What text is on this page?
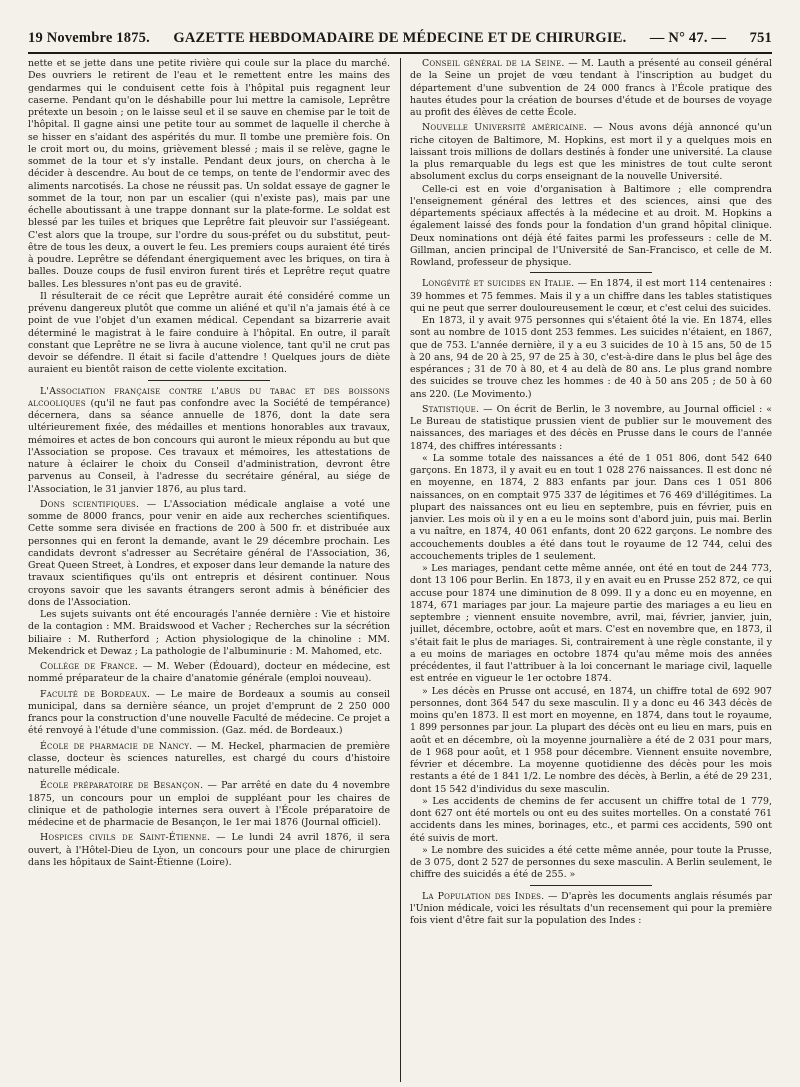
19 Novembre 1875. GAZETTE HEBDOMADAIRE DE MÉDECINE ET DE CHIRURGIE. — N° 47. — 751

nette et se jette dans une petite rivière qui coule sur la place du marché. Des ouvriers le retirent de l'eau et le remettent entre les mains des gendarmes qui le conduisent cette fois à l'hôpital puis regagnent leur caserne. Pendant qu'on le déshabille pour lui mettre la camisole, Leprêtre prétexte un besoin ; on le laisse seul et il se sauve en chemise par le toit de l'hôpital. Il gagne ainsi une petite tour au sommet de laquelle il cherche à se hisser en s'aidant des aspérités du mur. Il tombe une première fois. On le croit mort ou, du moins, grièvement blessé ; mais il se relève, gagne le sommet de la tour et s'y installe. Pendant deux jours, on chercha à le décider à descendre. Au bout de ce temps, on tente de l'endormir avec des aliments narcotisés. La chose ne réussit pas. Un soldat essaye de gagner le sommet de la tour, non par un escalier (qui n'existe pas), mais par une échelle aboutissant à une trappe donnant sur la plate-forme. Le soldat est blessé par les tuiles et briques que Leprêtre fait pleuvoir sur l'assiégeant. C'est alors que la troupe, sur l'ordre du sous-préfet ou du substitut, peut-être de tous les deux, a ouvert le feu. Les premiers coups auraient été tirés à poudre. Leprêtre se défendant énergiquement avec les briques, on tira à balles. Douze coups de fusil environ furent tirés et Leprêtre reçut quatre balles. Les blessures n'ont pas eu de gravité.

Il résulterait de ce récit que Leprêtre aurait été considéré comme un prévenu dangereux plutôt que comme un aliéné et qu'il n'a jamais été à ce point de vue l'objet d'un examen médical. Cependant sa bizarrerie avait déterminé le magistrat à le faire conduire à l'hôpital. En outre, il paraît constant que Leprêtre ne se livra à aucune violence, tant qu'il ne crut pas devoir se défendre. Il était si facile d'attendre ! Quelques jours de diète auraient eu bientôt raison de cette violente excitation.

L'Association française contre l'abus du tabac et des boissons alcooliques (qu'il ne faut pas confondre avec la Société de tempérance) décernera, dans sa séance annuelle de 1876, dont la date sera ultérieurement fixée, des médailles et mentions honorables aux travaux, mémoires et actes de bon concours qui auront le mieux répondu au but que l'Association se propose. Ces travaux et mémoires, les attestations de nature à éclairer le choix du Conseil d'administration, devront être parvenus au Conseil, à l'adresse du secrétaire général, au siége de l'Association, le 31 janvier 1876, au plus tard.

Dons scientifiques. — L'Association médicale anglaise a voté une somme de 8000 francs, pour venir en aide aux recherches scientifiques. Cette somme sera divisée en fractions de 200 à 500 fr. et distribuée aux personnes qui en feront la demande, avant le 29 décembre prochain. Les candidats devront s'adresser au Secrétaire général de l'Association, 36, Great Queen Street, à Londres, et exposer dans leur demande la nature des travaux scientifiques qu'ils ont entrepris et désirent continuer. Nous croyons savoir que les savants étrangers seront admis à bénéficier des dons de l'Association.

Les sujets suivants ont été encouragés l'année dernière : Vie et histoire de la contagion : MM. Braidswood et Vacher ; Recherches sur la sécrétion biliaire : M. Rutherford ; Action physiologique de la chinoline : MM. Mekendrick et Dewaz ; La pathologie de l'albuminurie : M. Mahomed, etc.

Collége de France. — M. Weber (Édouard), docteur en médecine, est nommé préparateur de la chaire d'anatomie générale (emploi nouveau).

Faculté de Bordeaux. — Le maire de Bordeaux a soumis au conseil municipal, dans sa dernière séance, un projet d'emprunt de 2 250 000 francs pour la construction d'une nouvelle Faculté de médecine. Ce projet a été renvoyé à l'étude d'une commission. (Gaz. méd. de Bordeaux.)

École de pharmacie de Nancy. — M. Heckel, pharmacien de première classe, docteur ès sciences naturelles, est chargé du cours d'histoire naturelle médicale.

École préparatoire de Besançon. — Par arrêté en date du 4 novembre 1875, un concours pour un emploi de suppléant pour les chaires de clinique et de pathologie internes sera ouvert à l'École préparatoire de médecine et de pharmacie de Besançon, le 1er mai 1876 (Journal officiel).

Hospices civils de Saint-Étienne. — Le lundi 24 avril 1876, il sera ouvert, à l'Hôtel-Dieu de Lyon, un concours pour une place de chirurgien dans les hôpitaux de Saint-Étienne (Loire).

Conseil général de la Seine. — M. Lauth a présenté au conseil général de la Seine un projet de vœu tendant à l'inscription au budget du département d'une subvention de 24 000 francs à l'École pratique des hautes études pour la création de bourses d'étude et de bourses de voyage au profit des élèves de cette École.

Nouvelle Université américaine. — Nous avons déjà annoncé qu'un riche citoyen de Baltimore, M. Hopkins, est mort il y a quelques mois en laissant trois millions de dollars destinés à fonder une université. La clause la plus remarquable du legs est que les ministres de tout culte seront absolument exclus du corps enseignant de la nouvelle Université.

Celle-ci est en voie d'organisation à Baltimore ; elle comprendra l'enseignement général des lettres et des sciences, ainsi que des départements spéciaux affectés à la médecine et au droit. M. Hopkins a également laissé des fonds pour la fondation d'un grand hôpital clinique. Deux nominations ont déjà été faites parmi les professeurs : celle de M. Gillman, ancien principal de l'Université de San-Francisco, et celle de M. Rowland, professeur de physique.

Longévité et suicides en Italie. — En 1874, il est mort 114 centenaires : 39 hommes et 75 femmes. Mais il y a un chiffre dans les tables statistiques qui ne peut que serrer douloureusement le cœur, et c'est celui des suicides.

En 1873, il y avait 975 personnes qui s'étaient ôté la vie. En 1874, elles sont au nombre de 1015 dont 253 femmes. Les suicides n'étaient, en 1867, que de 753. L'année dernière, il y a eu 3 suicides de 10 à 15 ans, 50 de 15 à 20 ans, 94 de 20 à 25, 97 de 25 à 30, c'est-à-dire dans le plus bel âge des espérances ; 31 de 70 à 80, et 4 au delà de 80 ans. Le plus grand nombre des suicides se trouve chez les hommes : de 40 à 50 ans 205 ; de 50 à 60 ans 220. (Le Movimento.)

Statistique. — On écrit de Berlin, le 3 novembre, au Journal officiel : « Le Bureau de statistique prussien vient de publier sur le mouvement des naissances, des mariages et des décès en Prusse dans le cours de l'année 1874, des chiffres intéressants :

« La somme totale des naissances a été de 1 051 806, dont 542 640 garçons. En 1873, il y avait eu en tout 1 028 276 naissances. Il est donc né en moyenne, en 1874, 2 883 enfants par jour. Dans ces 1 051 806 naissances, on en comptait 975 337 de légitimes et 76 469 d'illégitimes. La plupart des naissances ont eu lieu en septembre, puis en février, puis en janvier. Les mois où il y en a eu le moins sont d'abord juin, puis mai. Berlin a vu naître, en 1874, 40 061 enfants, dont 20 622 garçons. Le nombre des accouchements doubles a été dans tout le royaume de 12 744, celui des accouchements triples de 1 seulement.

» Les mariages, pendant cette même année, ont été en tout de 244 773, dont 13 106 pour Berlin. En 1873, il y en avait eu en Prusse 252 872, ce qui accuse pour 1874 une diminution de 8 099. Il y a donc eu en moyenne, en 1874, 671 mariages par jour. La majeure partie des mariages a eu lieu en septembre ; viennent ensuite novembre, avril, mai, février, janvier, juin, juillet, décembre, octobre, août et mars. C'est en novembre que, en 1873, il s'était fait le plus de mariages. Si, contrairement à une règle constante, il y a eu moins de mariages en octobre 1874 qu'au même mois des années précédentes, il faut l'attribuer à la loi concernant le mariage civil, laquelle est entrée en vigueur le 1er octobre 1874.

» Les décès en Prusse ont accusé, en 1874, un chiffre total de 692 907 personnes, dont 364 547 du sexe masculin. Il y a donc eu 46 343 décès de moins qu'en 1873. Il est mort en moyenne, en 1874, dans tout le royaume, 1 899 personnes par jour. La plupart des décès ont eu lieu en mars, puis en août et en décembre, où la moyenne journalière a été de 2 031 pour mars, de 1 968 pour août, et 1 958 pour décembre. Viennent ensuite novembre, février et décembre. La moyenne quotidienne des décès pour les mois restants a été de 1 841 1/2. Le nombre des décès, à Berlin, a été de 29 231, dont 15 542 d'individus du sexe masculin.

» Les accidents de chemins de fer accusent un chiffre total de 1 779, dont 627 ont été mortels ou ont eu des suites mortelles. On a constaté 761 accidents dans les mines, borinages, etc., et parmi ces accidents, 590 ont été suivis de mort.

» Le nombre des suicides a été cette même année, pour toute la Prusse, de 3 075, dont 2 527 de personnes du sexe masculin. A Berlin seulement, le chiffre des suicidés a été de 255. »

La Population des Indes. — D'après les documents anglais résumés par l'Union médicale, voici les résultats d'un recensement qui pour la première fois vient d'être fait sur la population des Indes :
